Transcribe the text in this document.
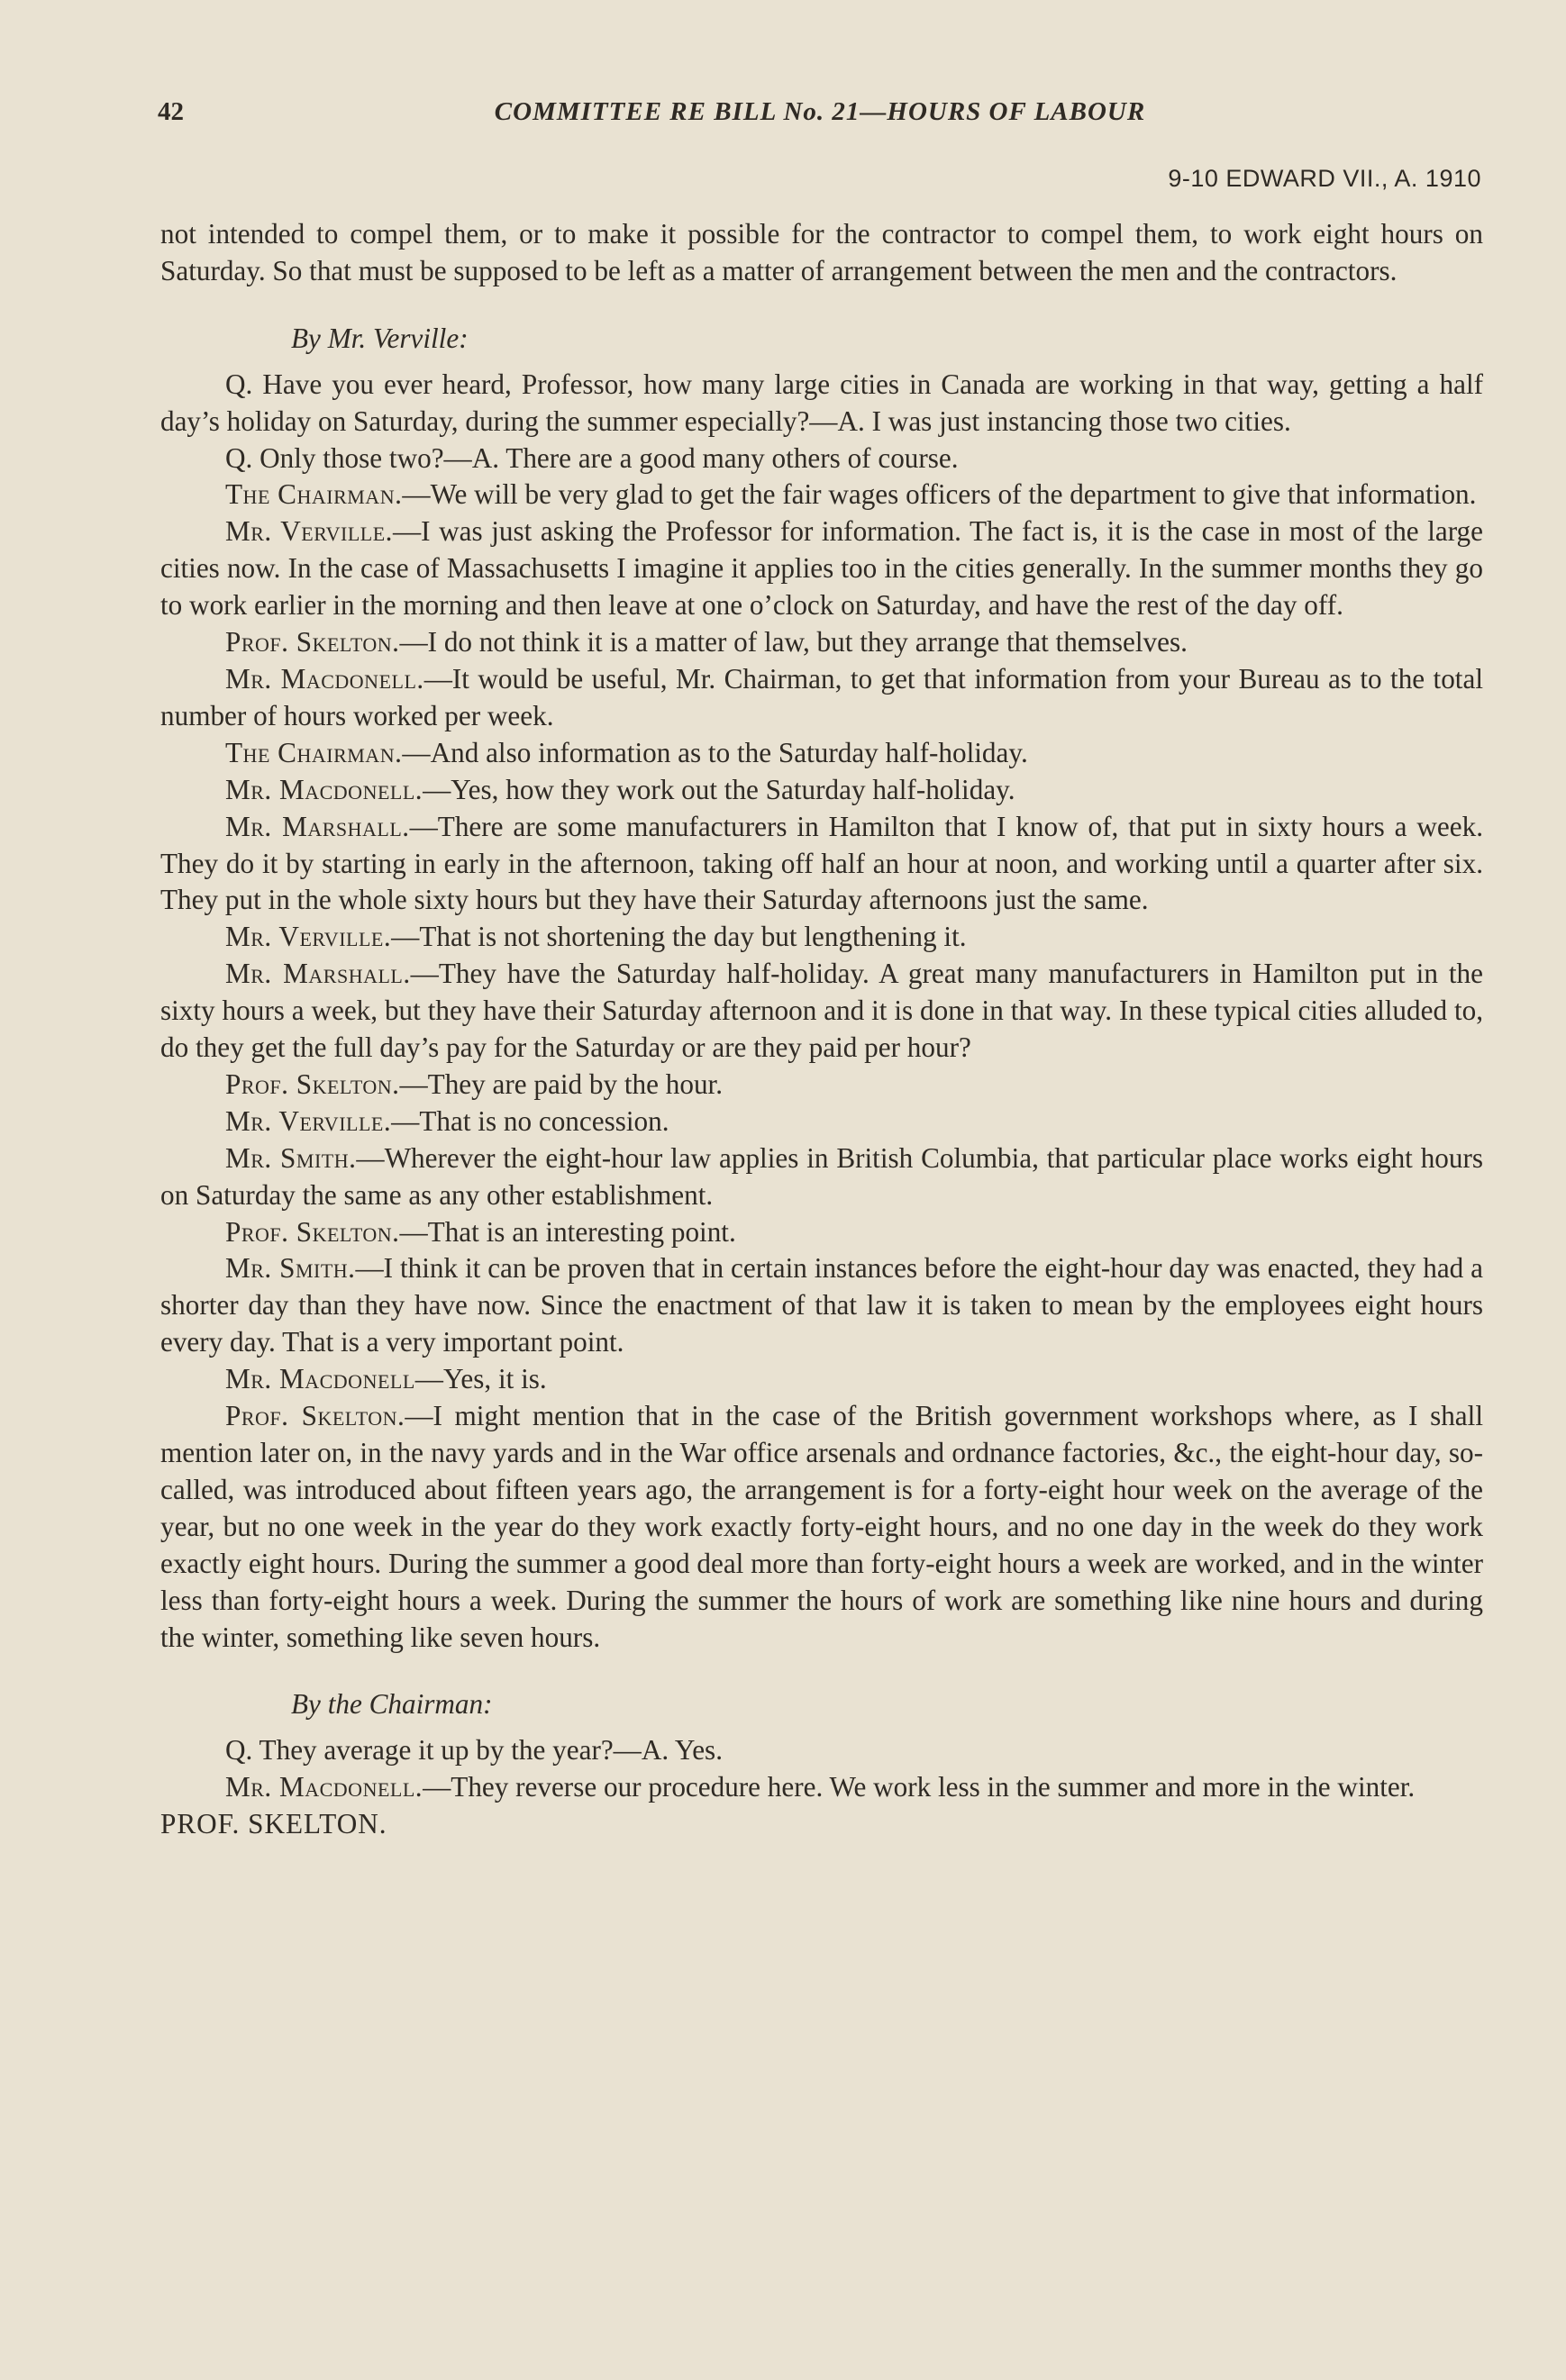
42	COMMITTEE RE BILL No. 21—HOURS OF LABOUR
9-10 EDWARD VII., A. 1910

not intended to compel them, or to make it possible for the contractor to compel them, to work eight hours on Saturday. So that must be supposed to be left as a matter of arrangement between the men and the contractors.

By Mr. Verville:

Q. Have you ever heard, Professor, how many large cities in Canada are working in that way, getting a half day’s holiday on Saturday, during the summer especially?—A. I was just instancing those two cities.

Q. Only those two?—A. There are a good many others of course.

The Chairman.—We will be very glad to get the fair wages officers of the department to give that information.

Mr. Verville.—I was just asking the Professor for information. The fact is, it is the case in most of the large cities now. In the case of Massachusetts I imagine it applies too in the cities generally. In the summer months they go to work earlier in the morning and then leave at one o’clock on Saturday, and have the rest of the day off.

Prof. Skelton.—I do not think it is a matter of law, but they arrange that themselves.

Mr. Macdonell.—It would be useful, Mr. Chairman, to get that information from your Bureau as to the total number of hours worked per week.

The Chairman.—And also information as to the Saturday half-holiday.

Mr. Macdonell.—Yes, how they work out the Saturday half-holiday.

Mr. Marshall.—There are some manufacturers in Hamilton that I know of, that put in sixty hours a week. They do it by starting in early in the afternoon, taking off half an hour at noon, and working until a quarter after six. They put in the whole sixty hours but they have their Saturday afternoons just the same.

Mr. Verville.—That is not shortening the day but lengthening it.

Mr. Marshall.—They have the Saturday half-holiday. A great many manufacturers in Hamilton put in the sixty hours a week, but they have their Saturday afternoon and it is done in that way. In these typical cities alluded to, do they get the full day’s pay for the Saturday or are they paid per hour?

Prof. Skelton.—They are paid by the hour.

Mr. Verville.—That is no concession.

Mr. Smith.—Wherever the eight-hour law applies in British Columbia, that particular place works eight hours on Saturday the same as any other establishment.

Prof. Skelton.—That is an interesting point.

Mr. Smith.—I think it can be proven that in certain instances before the eight-hour day was enacted, they had a shorter day than they have now. Since the enactment of that law it is taken to mean by the employees eight hours every day. That is a very important point.

Mr. Macdonell—Yes, it is.

Prof. Skelton.—I might mention that in the case of the British government workshops where, as I shall mention later on, in the navy yards and in the War office arsenals and ordnance factories, &c., the eight-hour day, so-called, was introduced about fifteen years ago, the arrangement is for a forty-eight hour week on the average of the year, but no one week in the year do they work exactly forty-eight hours, and no one day in the week do they work exactly eight hours. During the summer a good deal more than forty-eight hours a week are worked, and in the winter less than forty-eight hours a week. During the summer the hours of work are something like nine hours and during the winter, something like seven hours.

By the Chairman:

Q. They average it up by the year?—A. Yes.

Mr. Macdonell.—They reverse our procedure here. We work less in the summer and more in the winter.

PROF. SKELTON.
